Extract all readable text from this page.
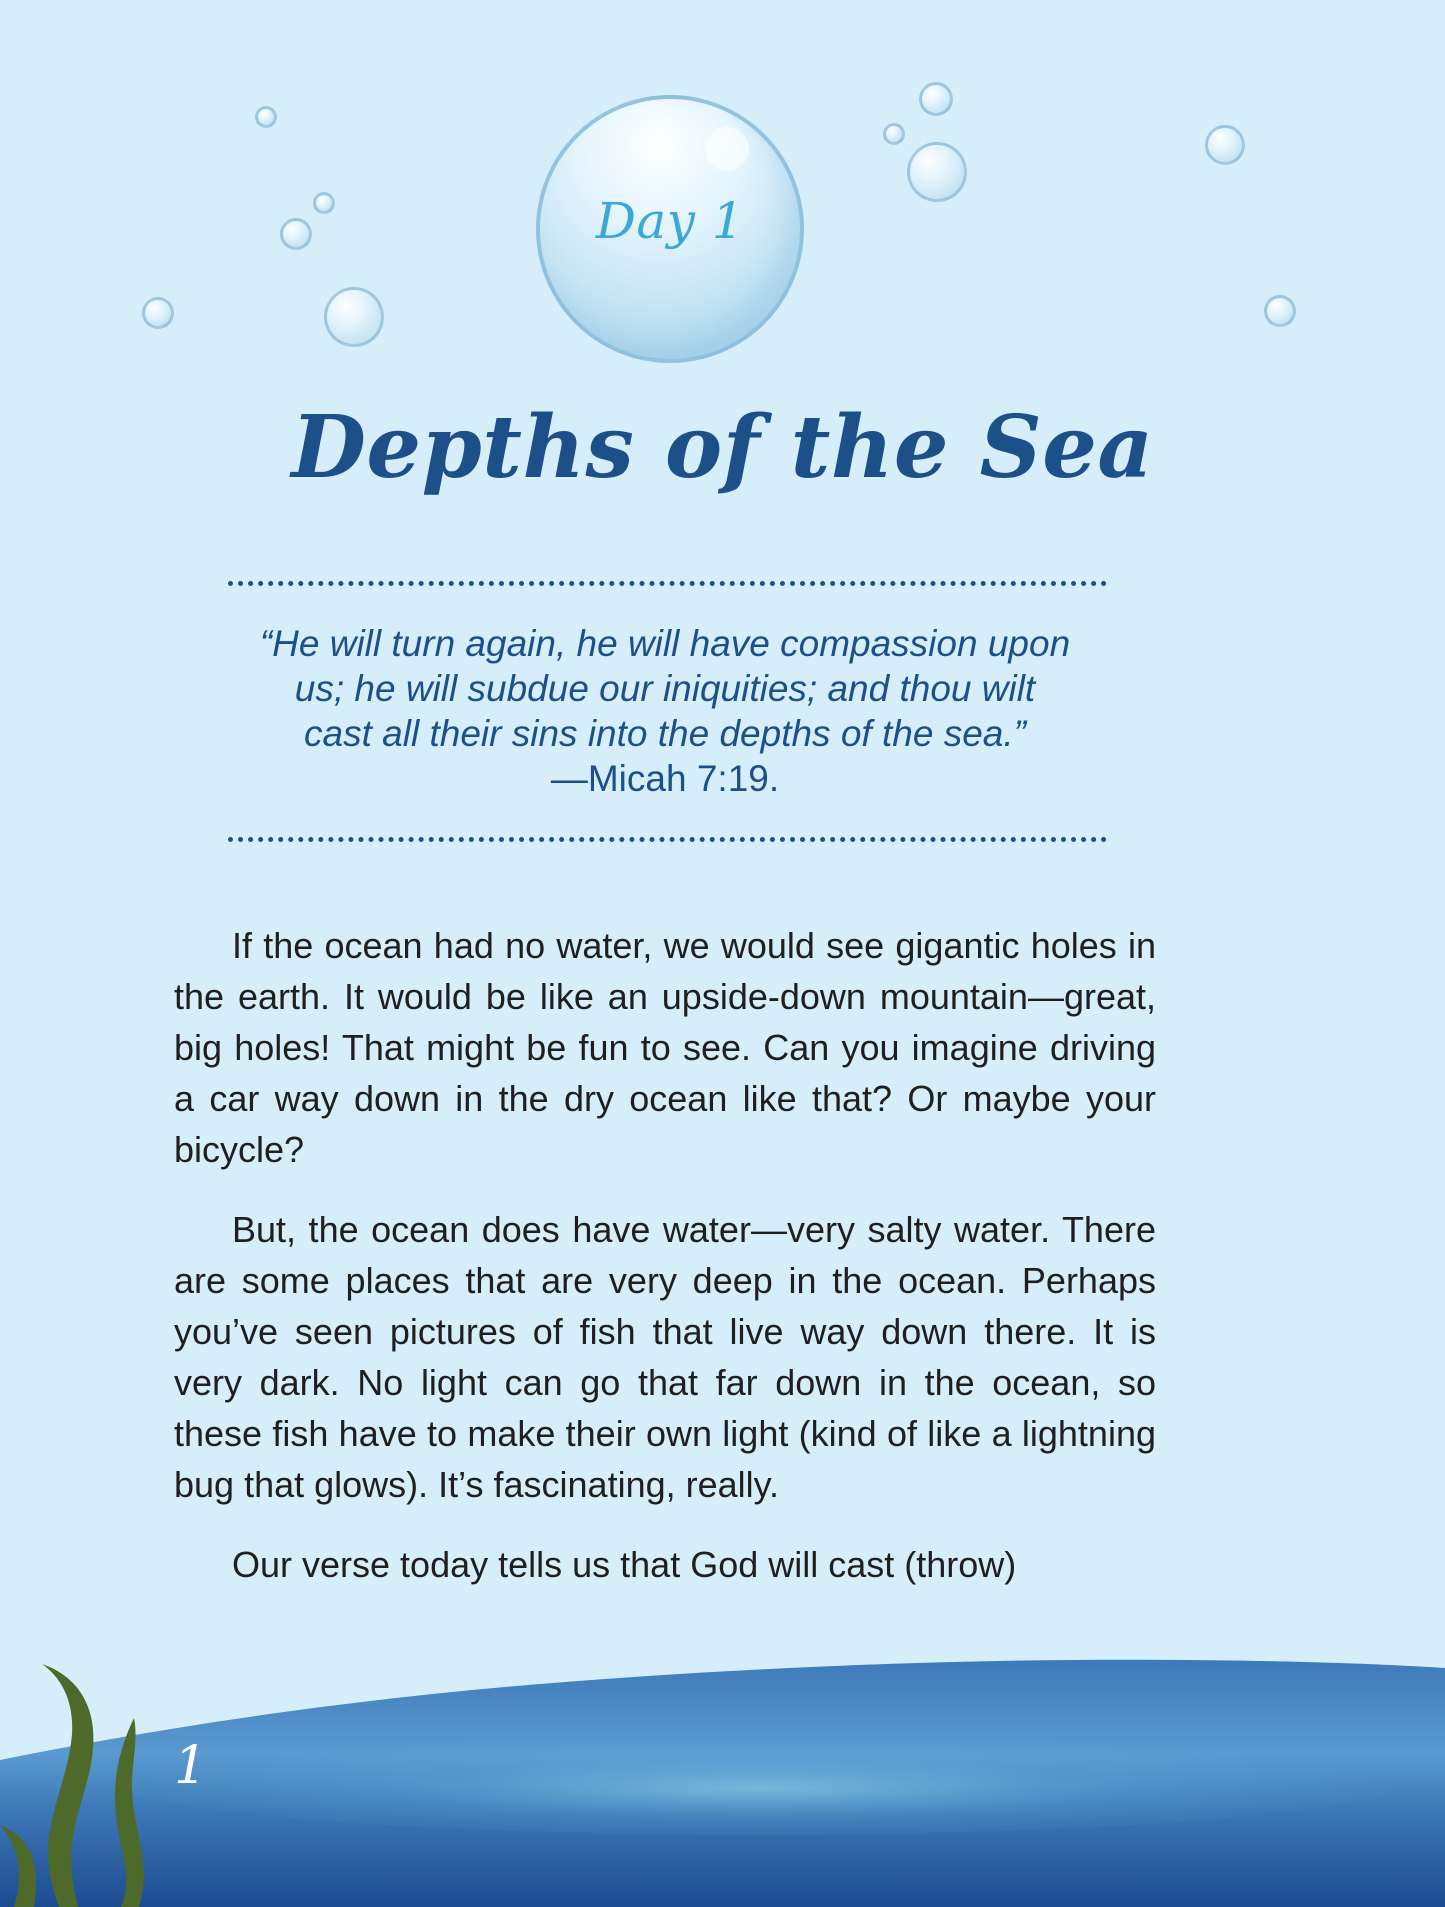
Day 1
Depths of the Sea
“He will turn again, he will have compassion upon
us; he will subdue our iniquities; and thou wilt
cast all their sins into the depths of the sea.”
—Micah 7:19.

If the ocean had no water, we would see gigantic holes in the earth. It would be like an upside-down mountain—great, big holes! That might be fun to see. Can you imagine driving a car way down in the dry ocean like that? Or maybe your bicycle?

But, the ocean does have water—very salty water. There are some places that are very deep in the ocean. Perhaps you’ve seen pictures of fish that live way down there. It is very dark. No light can go that far down in the ocean, so these fish have to make their own light (kind of like a lightning bug that glows). It’s fascinating, really.

Our verse today tells us that God will cast (throw)

1
